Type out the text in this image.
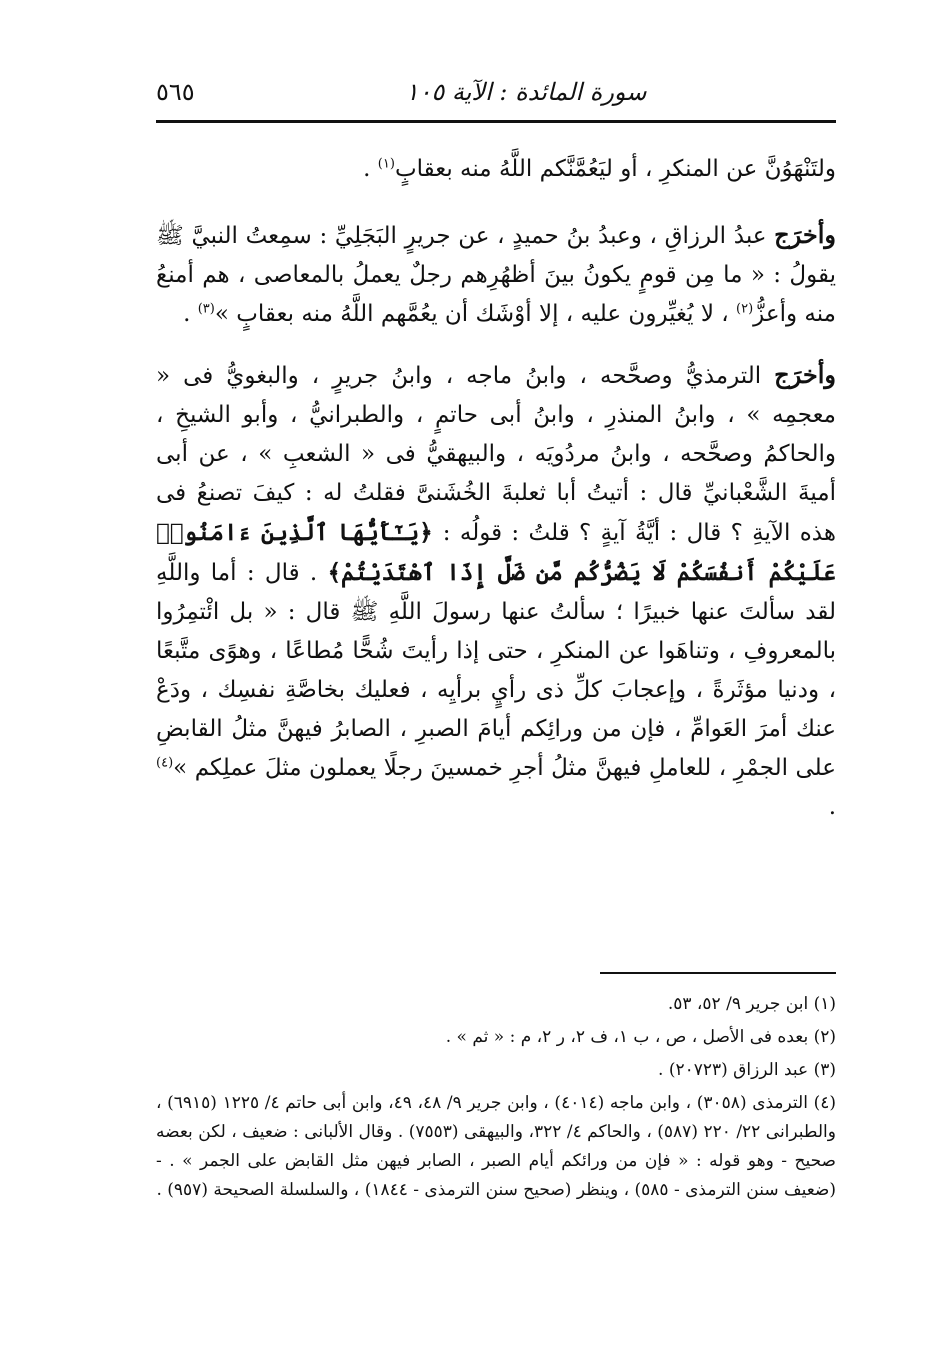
سورة المائدة : الآية ١٠٥
٥٦٥

ولتَنْهَوُنَّ عن المنكرِ ، أو ليَعُمَّنَّكم اللَّهُ منه بعقابٍ$^{(١)}$ .

وأخرَج عبدُ الرزاقِ ، وعبدُ بنُ حميدٍ ، عن جريرٍ البَجَلِيِّ : سمِعتُ النبيَّ ﷺ يقولُ : « ما مِن قومٍ يكونُ بينَ أظهُرِهم رجلٌ يعملُ بالمعاصى ، هم أمنعُ منه وأعزُّ$^{(٢)}$ ، لا يُغيِّرون عليه ، إلا أوْشَك أن يعُمَّهم اللَّهُ منه بعقابٍ »$^{(٣)}$ .

وأخرَج الترمذيُّ وصحَّحه ، وابنُ ماجه ، وابنُ جريرٍ ، والبغويُّ فى « معجمِه » ، وابنُ المنذرِ ، وابنُ أبى حاتمٍ ، والطبرانيُّ ، وأبو الشيخِ ، والحاكمُ وصحَّحه ، وابنُ مردُويَه ، والبيهقيُّ فى « الشعبِ » ، عن أبى أميةَ الشَّعْبانيِّ قال : أتيتُ أبا ثعلبةَ الخُشَنىَّ فقلتُ له : كيفَ تصنعُ فى هذه الآيةِ ؟ قال : أيَّةُ آيةٍ ؟ قلتُ : قولُه : ﴿يَـٰٓأَيُّهَا ٱلَّذِينَ ءَامَنُوا۟ عَلَيْكُمْ أَنفُسَكُمْ لَا يَضُرُّكُم مَّن ضَلَّ إِذَا ٱهْتَدَيْتُمْ﴾ . قال : أما واللَّهِ لقد سألتَ عنها خبيرًا ؛ سألتُ عنها رسولَ اللَّهِ ﷺ قال : « بل ائْتمِرُوا بالمعروفِ ، وتناهَوا عن المنكرِ ، حتى إذا رأيتَ شُحًّا مُطاعًا ، وهوًى متَّبعًا ، ودنيا مؤثَرةً ، وإعجابَ كلِّ ذى رأيٍ برأيِه ، فعليك بخاصَّةِ نفسِك ، ودَعْ عنك أمرَ العَوامِّ ، فإن من ورائِكم أيامَ الصبرِ ، الصابرُ فيهنَّ مثلُ القابضِ على الجمْرِ ، للعاملِ فيهنَّ مثلُ أجرِ خمسينَ رجلًا يعملون مثلَ عملِكم »$^{(٤)}$ .

(١) ابن جرير ٩/ ٥٢، ٥٣.

(٢) بعده فى الأصل ، ص ، ب ١، ف ٢، ر ٢، م : « ثم » .

(٣) عبد الرزاق (٢٠٧٢٣) .

(٤) الترمذى (٣٠٥٨) ، وابن ماجه (٤٠١٤) ، وابن جرير ٩/ ٤٨، ٤٩، وابن أبى حاتم ٤/ ١٢٢٥ (٦٩١٥) ، والطبرانى ٢٢/ ٢٢٠ (٥٨٧) ، والحاكم ٤/ ٣٢٢، والبيهقى (٧٥٥٣) . وقال الألبانى : ضعيف ، لكن بعضه صحيح - وهو قوله : « فإن من ورائكم أيام الصبر ، الصابر فيهن مثل القابض على الجمر » . - (ضعيف سنن الترمذى - ٥٨٥) ، وينظر (صحيح سنن الترمذى - ١٨٤٤) ، والسلسلة الصحيحة (٩٥٧) .
